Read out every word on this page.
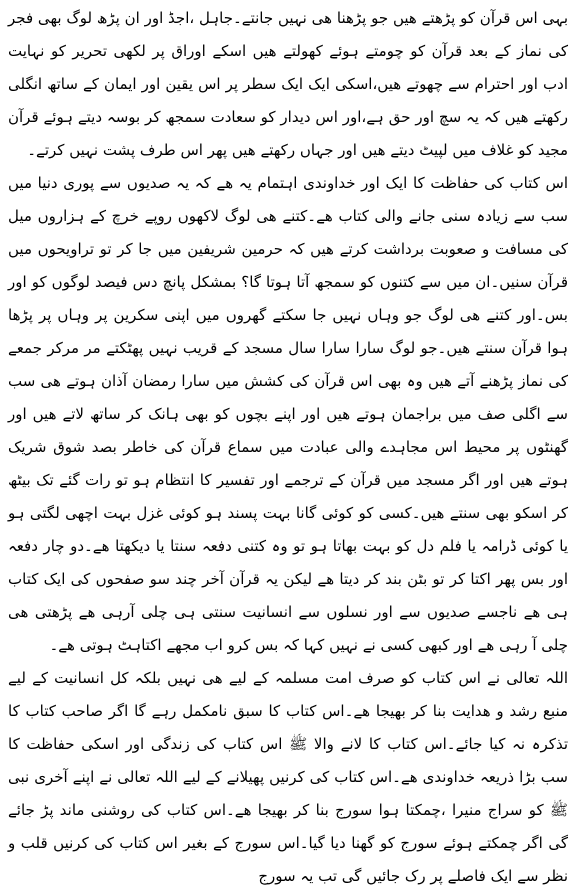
بہی اس قرآن کو پڑھتے ھیں جو پڑھنا ھی نہیں جانتے۔جاہل ،اجڈ اور ان پڑھ لوگ بھی فجر کی نماز کے بعد قرآن کو چومتے ہوئے کھولتے ھیں اسکے اوراق پر لکھی تحریر کو نہایت ادب اور احترام سے چھوتے ھیں،اسکی ایک ایک سطر پر اس یقین اور ایمان کے ساتھ انگلی رکھتے ھیں کہ یہ سچ اور حق ہے،اور اس دیدار کو سعادت سمجھ کر بوسہ دیتے ہوئے قرآن مجید کو غلاف میں لپیٹ دیتے ھیں اور جہاں رکھتے ھیں پھر اس طرف پشت نہیں کرتے۔

اس کتاب کی حفاظت کا ایک اور خداوندی اہتمام یہ ھے کہ یہ صدیوں سے پوری دنیا میں سب سے زیادہ سنی جانے والی کتاب ھے۔کتنے ھی لوگ لاکھوں روپے خرچ کے ہزاروں میل کی مسافت و صعوبت برداشت کرتے ھیں کہ حرمین شریفین میں جا کر تو تراویحوں میں قرآن سنیں۔ان میں سے کتنوں کو سمجھ آتا ہوتا گا؟ بمشکل پانچ دس فیصد لوگوں کو اور بس۔اور کتنے ھی لوگ جو وہاں نہیں جا سکتے گھروں میں اپنی سکرین پر وہاں پر پڑھا ہوا قرآن سنتے ھیں۔جو لوگ سارا سارا سال مسجد کے قریب نہیں پھٹکتے مر مرکر جمعے کی نماز پڑھنے آتے ھیں وہ بھی اس قرآن کی کشش میں سارا رمضان آذان ہوتے ھی سب سے اگلی صف میں براجمان ہوتے ھیں اور اپنے بچوں کو بھی ہانک کر ساتھ لاتے ھیں اور گھنٹوں پر محیط اس مجاہدے والی عبادت میں سماع قرآن کی خاطر بصد شوق شریک ہوتے ھیں اور اگر مسجد میں قرآن کے ترجمے اور تفسیر کا انتظام ہو تو رات گئے تک بیٹھ کر اسکو بھی سنتے ھیں۔کسی کو کوئی گانا بہت پسند ہو کوئی غزل بہت اچھی لگتی ہو یا کوئی ڈرامہ یا فلم دل کو بہت بھاتا ہو تو وہ کتنی دفعہ سنتا یا دیکھتا ھے۔دو چار دفعہ اور بس پھر اکتا کر تو بٹن بند کر دیتا ھے لیکن یہ قرآن آخر چند سو صفحوں کی ایک کتاب ہی ھے ناجسے صدیوں سے اور نسلوں سے انسانیت سنتی ہی چلی آرہی ھے پڑھتی ھی چلی آ رہی ھے اور کبھی کسی نے نہیں کہا کہ بس کرو اب مجھے اکتاہٹ ہوتی ھے۔

اللہ تعالی نے اس کتاب کو صرف امت مسلمہ کے لیے ھی نہیں بلکہ کل انسانیت کے لیے منبع رشد و ھدایت بنا کر بھیجا ھے۔اس کتاب کا سبق نامکمل رہے گا اگر صاحب کتاب کا تذکرہ نہ کیا جائے۔اس کتاب کا لانے والا ﷺ اس کتاب کی زندگی اور اسکی حفاظت کا سب بڑا ذریعہ خداوندی ھے۔اس کتاب کی کرنیں پھیلانے کے لیے اللہ تعالی نے اپنے آخری نبی ﷺ کو سراج منیرا ،چمکتا ہوا سورج بنا کر بھیجا ھے۔اس کتاب کی روشنی ماند پڑ جائے گی اگر چمکتے ہوئے سورج کو گھنا دیا گیا۔اس سورج کے بغیر اس کتاب کی کرنیں قلب و نظر سے ایک فاصلے پر رک جائیں گی تب یہ سورج
